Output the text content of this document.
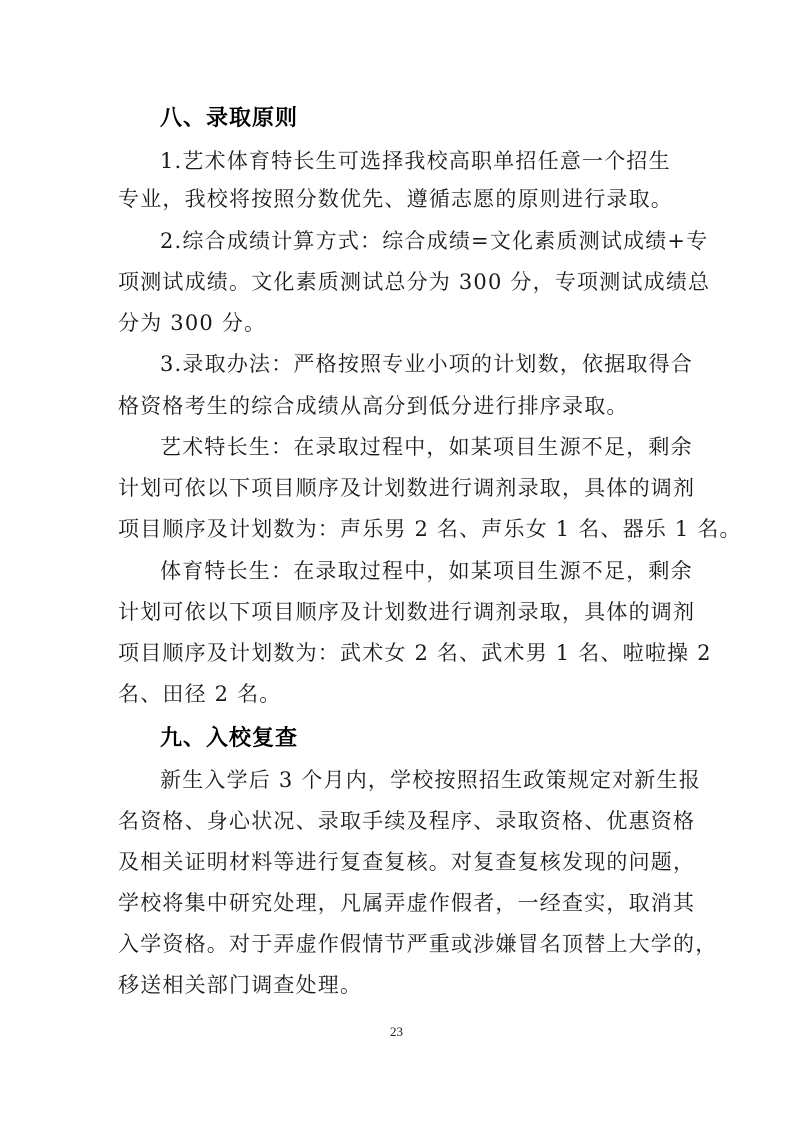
八、录取原则
1.艺术体育特长生可选择我校高职单招任意一个招生
专业，我校将按照分数优先、遵循志愿的原则进行录取。
2.综合成绩计算方式：综合成绩=文化素质测试成绩+专
项测试成绩。文化素质测试总分为 300 分，专项测试成绩总
分为 300 分。
3.录取办法：严格按照专业小项的计划数，依据取得合
格资格考生的综合成绩从高分到低分进行排序录取。
艺术特长生：在录取过程中，如某项目生源不足，剩余
计划可依以下项目顺序及计划数进行调剂录取，具体的调剂
项目顺序及计划数为：声乐男 2 名、声乐女 1 名、器乐 1 名。
体育特长生：在录取过程中，如某项目生源不足，剩余
计划可依以下项目顺序及计划数进行调剂录取，具体的调剂
项目顺序及计划数为：武术女 2 名、武术男 1 名、啦啦操 2
名、田径 2 名。
九、入校复查
新生入学后 3 个月内，学校按照招生政策规定对新生报
名资格、身心状况、录取手续及程序、录取资格、优惠资格
及相关证明材料等进行复查复核。对复查复核发现的问题，
学校将集中研究处理，凡属弄虚作假者，一经查实，取消其
入学资格。对于弄虚作假情节严重或涉嫌冒名顶替上大学的，
移送相关部门调查处理。
23
